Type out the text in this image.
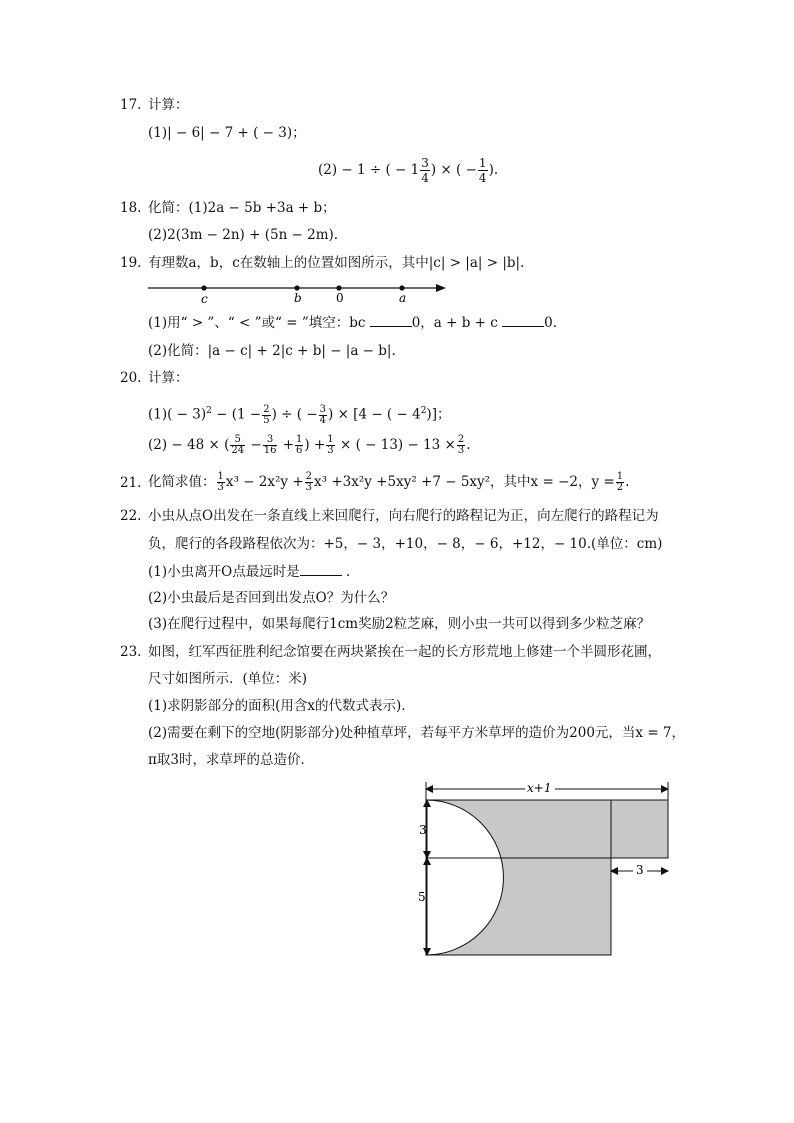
17. 计算：
(1)| − 6| − 7 + ( − 3)；
(2) − 1 ÷ ( − $1 \frac{3}{4}$ ) × ( − $\frac{1}{4}$ ).
18. 化简：(1)2a − 5b +3a + b；
(2)2(3m − 2n) + (5n − 2m).
19. 有理数a，b，c在数轴上的位置如图所示，其中|c| > |a| > |b|.
c	b	0	a
(1)用“ > ”、“ < ”或“ = ”填空：bc	0，a + b + c	0.
(2)化简：|a − c| + 2|c + b| − |a − b|.
20. 计算：
$(1)( - 3)^2 - (1 - \frac{2}{5}$ ) ÷ ( − $\frac{3}{4}$ ) × [4 − ( − $4^2$)]；
(2) − 48 × ( $\frac{5}{24} - \frac{3}{16} + \frac{1}{6}$ ) + $\frac{1}{3}$ × ( − $13) - 13 \times \frac{2}{3}$ .
21. 化简求值： $\frac{1}{3} x^3 - 2x^2y + \frac{2}{3} x^3 +3x^2y +5xy^2 +7 - 5xy^2$，其中x = −2，$y = \frac{1}{2}$ .
22. 小虫从点O出发在一条直线上来回爬行，向右爬行的路程记为正，向左爬行的路程记为
负，爬行的各段路程依次为：+5，− 3，+10，− 8，− 6，+12，− 10.(单位：cm)
(1)小虫离开O点最远时是	.
(2)小虫最后是否回到出发点O？为什么？
(3)在爬行过程中，如果每爬行1cm奖励2粒芝麻，则小虫一共可以得到多少粒芝麻？
23. 如图，红军西征胜利纪念馆要在两块紧挨在一起的长方形荒地上修建一个半圆形花圃，
尺寸如图所示．(单位：米)
(1)求阴影部分的面积(用含x的代数式表示)．
(2)需要在剩下的空地(阴影部分)处种植草坪，若每平方米草坪的造价为200元，当x = 7，
π取3时，求草坪的总造价．
x+1
3
5
3
